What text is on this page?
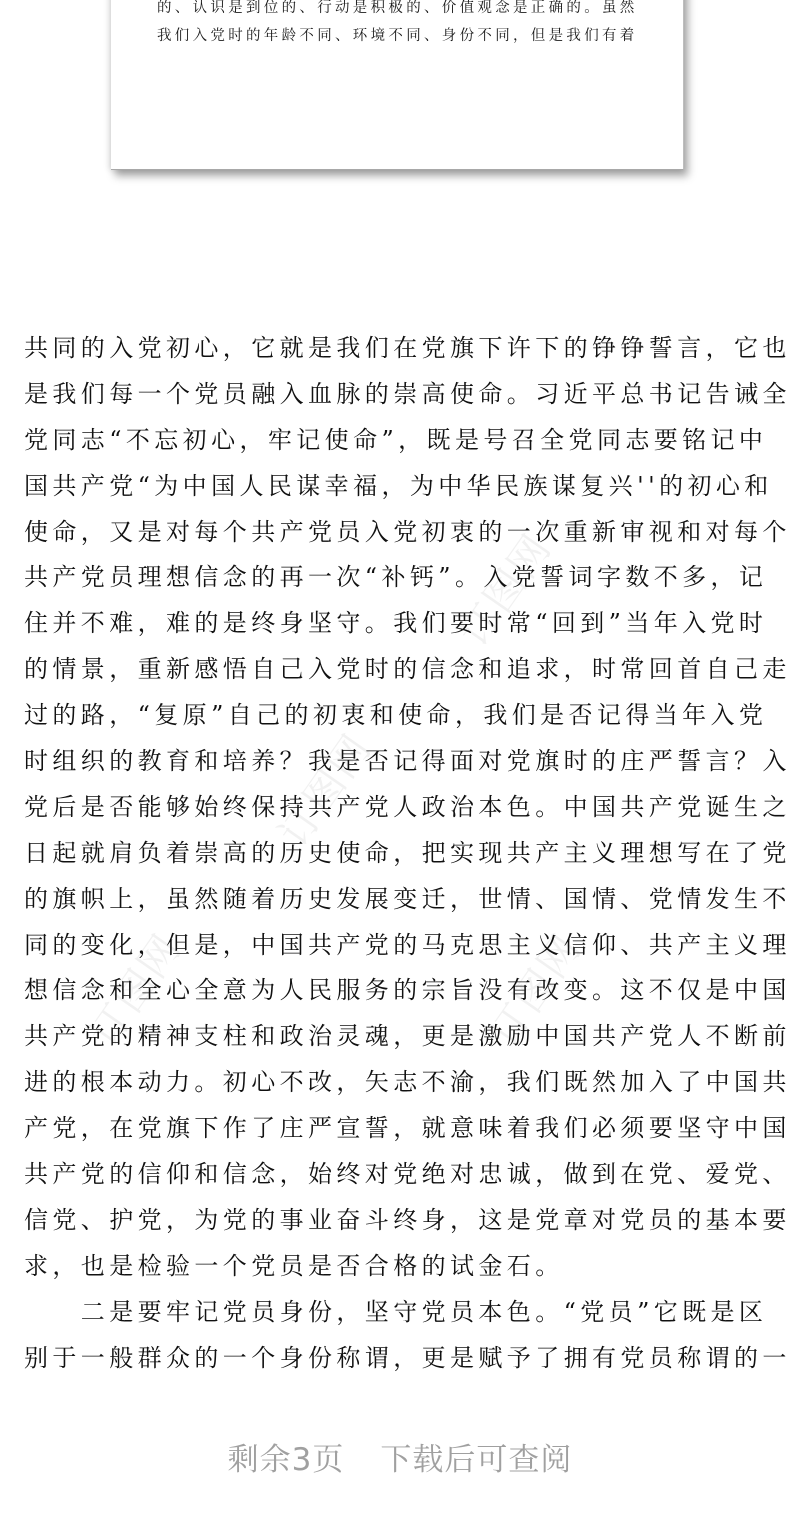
订图网
订图网
订图网	订图网
的、认识是到位的、行动是积极的、价值观念是正确的。虽然
我们入党时的年龄不同、环境不同、身份不同，但是我们有着
共同的入党初心，它就是我们在党旗下许下的铮铮誓言，它也
是我们每一个党员融入血脉的崇高使命。习近平总书记告诫全
党同志“不忘初心，牢记使命”，既是号召全党同志要铭记中
国共产党“为中国人民谋幸福，为中华民族谋复兴''的初心和
使命，又是对每个共产党员入党初衷的一次重新审视和对每个
共产党员理想信念的再一次“补钙”。入党誓词字数不多，记
住并不难，难的是终身坚守。我们要时常“回到”当年入党时
的情景，重新感悟自己入党时的信念和追求，时常回首自己走
过的路，“复原”自己的初衷和使命，我们是否记得当年入党
时组织的教育和培养？我是否记得面对党旗时的庄严誓言？入
党后是否能够始终保持共产党人政治本色。中国共产党诞生之
日起就肩负着崇高的历史使命，把实现共产主义理想写在了党
的旗帜上，虽然随着历史发展变迁，世情、国情、党情发生不
同的变化，但是，中国共产党的马克思主义信仰、共产主义理
想信念和全心全意为人民服务的宗旨没有改变。这不仅是中国
共产党的精神支柱和政治灵魂，更是激励中国共产党人不断前
进的根本动力。初心不改，矢志不渝，我们既然加入了中国共
产党，在党旗下作了庄严宣誓，就意味着我们必须要坚守中国
共产党的信仰和信念，始终对党绝对忠诚，做到在党、爱党、
信党、护党，为党的事业奋斗终身，这是党章对党员的基本要
求，也是检验一个党员是否合格的试金石。
　　二是要牢记党员身份，坚守党员本色。“党员”它既是区
别于一般群众的一个身份称谓，更是赋予了拥有党员称谓的一
剩余3页 下载后可查阅
